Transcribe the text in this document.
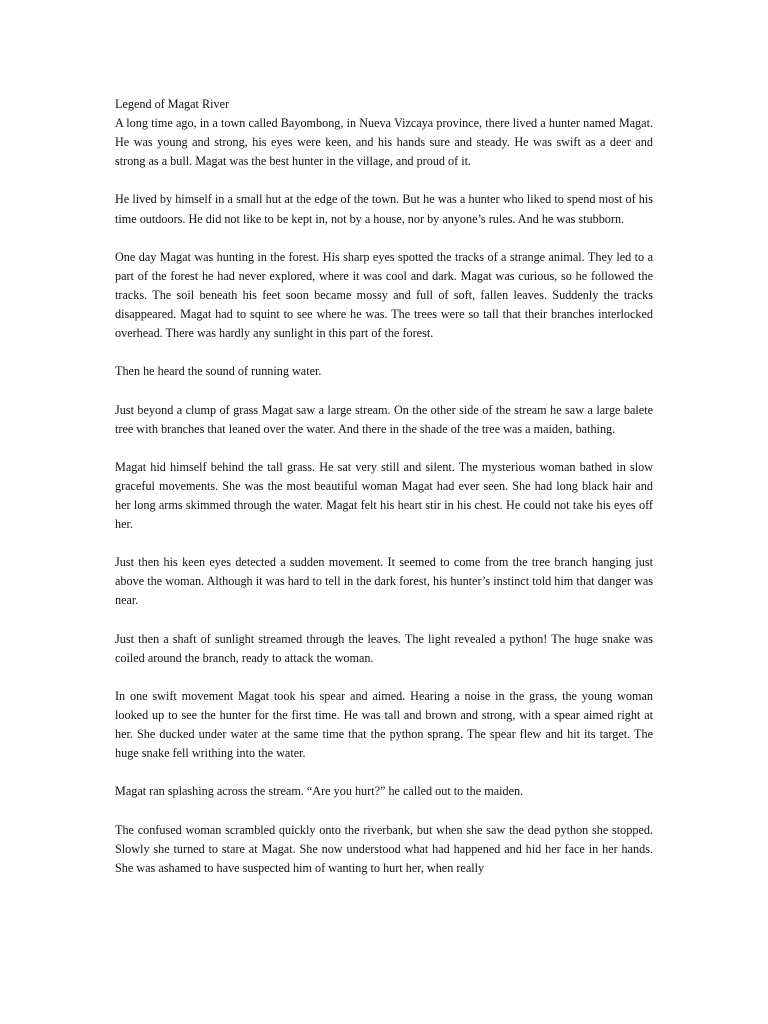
Legend of Magat River

A long time ago, in a town called Bayombong, in Nueva Vizcaya province, there lived a hunter named Magat. He was young and strong, his eyes were keen, and his hands sure and steady. He was swift as a deer and strong as a bull. Magat was the best hunter in the village, and proud of it.

He lived by himself in a small hut at the edge of the town. But he was a hunter who liked to spend most of his time outdoors. He did not like to be kept in, not by a house, nor by anyone’s rules. And he was stubborn.

One day Magat was hunting in the forest. His sharp eyes spotted the tracks of a strange animal. They led to a part of the forest he had never explored, where it was cool and dark. Magat was curious, so he followed the tracks. The soil beneath his feet soon became mossy and full of soft, fallen leaves. Suddenly the tracks disappeared. Magat had to squint to see where he was. The trees were so tall that their branches interlocked overhead. There was hardly any sunlight in this part of the forest.

Then he heard the sound of running water.

Just beyond a clump of grass Magat saw a large stream. On the other side of the stream he saw a large balete tree with branches that leaned over the water. And there in the shade of the tree was a maiden, bathing.

Magat hid himself behind the tall grass. He sat very still and silent. The mysterious woman bathed in slow graceful movements. She was the most beautiful woman Magat had ever seen. She had long black hair and her long arms skimmed through the water. Magat felt his heart stir in his chest. He could not take his eyes off her.

Just then his keen eyes detected a sudden movement. It seemed to come from the tree branch hanging just above the woman. Although it was hard to tell in the dark forest, his hunter’s instinct told him that danger was near.

Just then a shaft of sunlight streamed through the leaves. The light revealed a python! The huge snake was coiled around the branch, ready to attack the woman.

In one swift movement Magat took his spear and aimed. Hearing a noise in the grass, the young woman looked up to see the hunter for the first time. He was tall and brown and strong, with a spear aimed right at her. She ducked under water at the same time that the python sprang. The spear flew and hit its target. The huge snake fell writhing into the water.

Magat ran splashing across the stream. “Are you hurt?” he called out to the maiden.

The confused woman scrambled quickly onto the riverbank, but when she saw the dead python she stopped. Slowly she turned to stare at Magat. She now understood what had happened and hid her face in her hands. She was ashamed to have suspected him of wanting to hurt her, when really
